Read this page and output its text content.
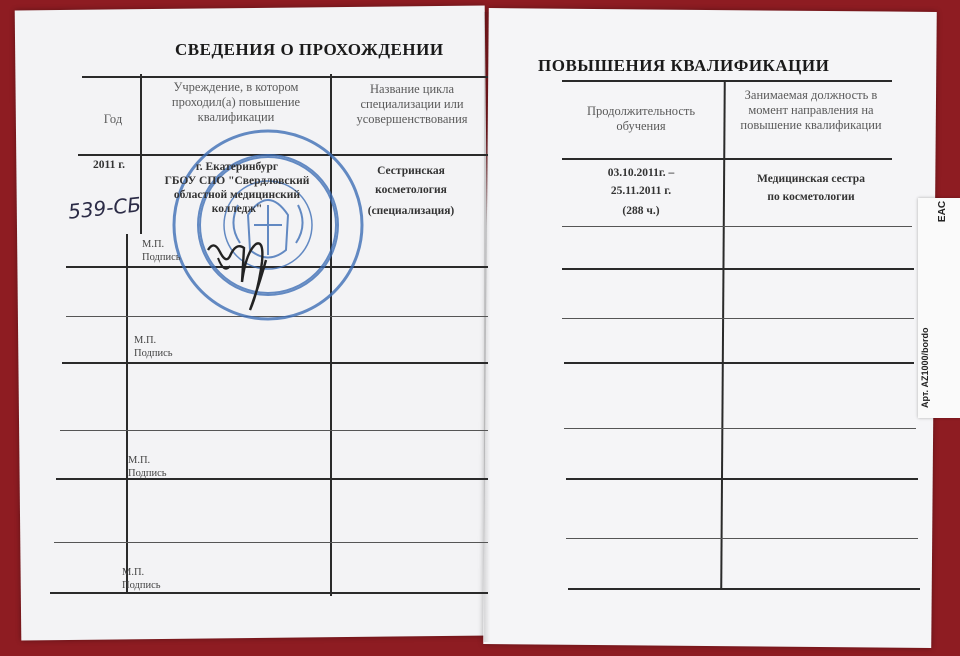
СВЕДЕНИЯ О ПРОХОЖДЕНИИ
ПОВЫШЕНИЯ КВАЛИФИКАЦИИ
Год
Учреждение, в котором проходил(а) повышение квалификации
Название цикла специализации или усовершенствования
Продолжительность обучения
Занимаемая должность в момент направления на повышение квалификации
2011 г.	г. Екатеринбург
ГБОУ СПО "Свердловский
областной медицинский
колледж"
Сестринская
косметология
(специализация)
03.10.2011г. –
25.11.2011 г.
(288 ч.)
Медицинская сестра
по косметологии
539-СБ
М.П.
Подпись
М.П.
Подпись
М.П.
Подпись
М.П.
Подпись
EAC
Арт. AZ1000/bordo
